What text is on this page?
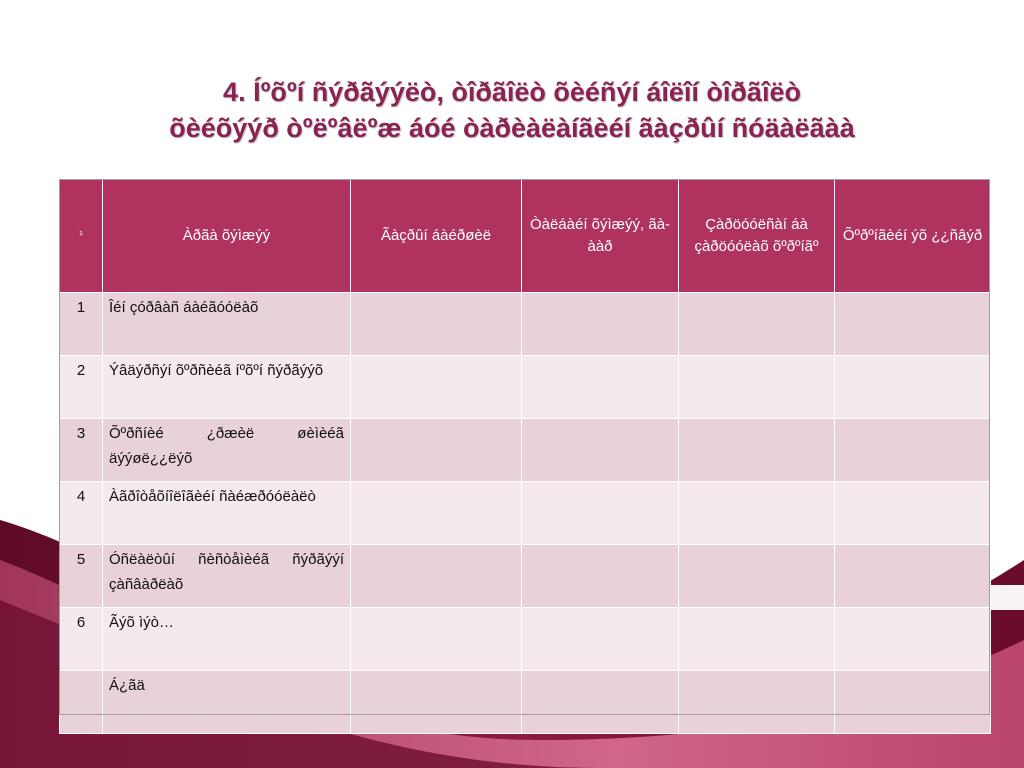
4. Íºõºí ñýðãýýëò, òîðãîëò õèéñýí áîëîí òîðãîëò
õèéõýýð òºëºâëºæ áóé òàðèàëàíãèéí ãàçðûí ñóäàëãàà
¹	Àðãà õýìæýý	Ãàçðûí áàéðøèë	Òàëáàéí õýìæýý, ãà-ààð	Çàðöóóëñàí áà çàðöóóëàõ õºðºíãº	Õºðºíãèéí ýõ ¿¿ñâýð
1	Îéí çóðâàñ áàéãóóëàõ				
2	Ýâäýðñýí õºðñèéã íºõºí ñýðãýýõ				
3	Õºðñíèé ¿ðæèë øèìèéã äýýøë¿¿ëýõ				
4	Àãðîòåõíîëîãèéí ñàéæðóóëàëò				
5	Óñëàëòûí ñèñòåìèéã ñýðãýýí çàñâàðëàõ				
6	Ãýõ ìýò…				
	Á¿ãä				
